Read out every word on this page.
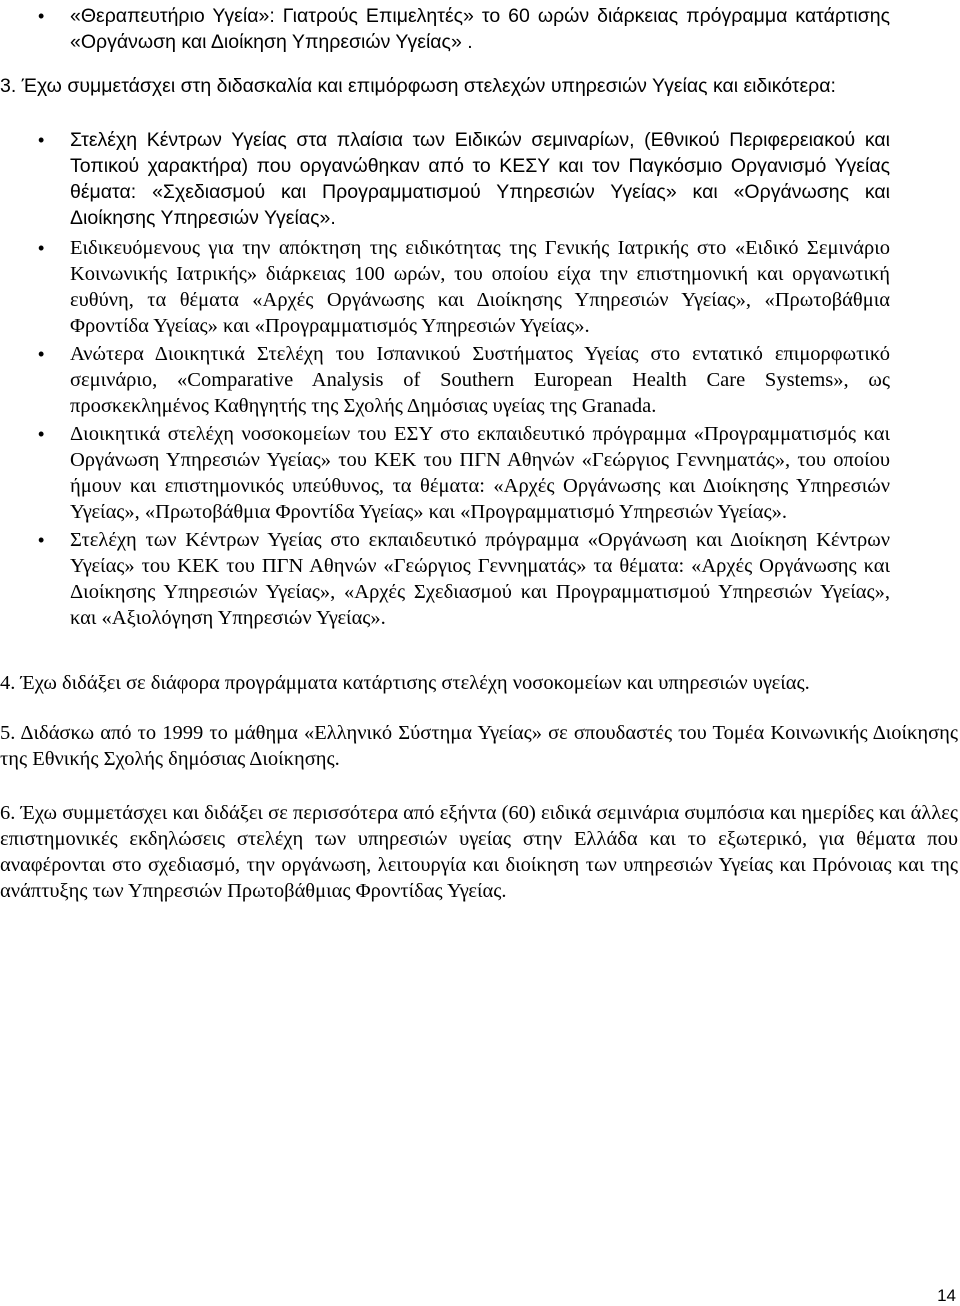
• «Θεραπευτήριο Υγεία»: Γιατρούς Επιμελητές» το 60 ωρών διάρκειας πρόγραμμα κατάρτισης «Οργάνωση και Διοίκηση Υπηρεσιών Υγείας» .
3. Έχω συμμετάσχει στη διδασκαλία και επιμόρφωση στελεχών υπηρεσιών Υγείας και ειδικότερα:
• Στελέχη Κέντρων Υγείας στα πλαίσια των Ειδικών σεμιναρίων, (Εθνικού Περιφερειακού και Τοπικού χαρακτήρα) που οργανώθηκαν από το ΚΕΣΥ και τον Παγκόσμιο Οργανισμό Υγείας θέματα: «Σχεδιασμού και Προγραμματισμού Υπηρεσιών Υγείας» και «Οργάνωσης και Διοίκησης Υπηρεσιών Υγείας».
• Ειδικευόμενους για την απόκτηση της ειδικότητας της Γενικής Ιατρικής στο «Ειδικό Σεμινάριο Κοινωνικής Ιατρικής» διάρκειας 100 ωρών, του οποίου είχα την επιστημονική και οργανωτική ευθύνη, τα θέματα «Αρχές Οργάνωσης και Διοίκησης Υπηρεσιών Υγείας», «Πρωτοβάθμια Φροντίδα Υγείας» και «Προγραμματισμός Υπηρεσιών Υγείας».
• Ανώτερα Διοικητικά Στελέχη του Ισπανικού Συστήματος Υγείας στο εντατικό επιμορφωτικό σεμινάριο, «Comparative Analysis of Southern European Health Care Systems», ως προσκεκλημένος Καθηγητής της Σχολής Δημόσιας υγείας της Granada.
• Διοικητικά στελέχη νοσοκομείων του ΕΣΥ στο εκπαιδευτικό πρόγραμμα «Προγραμματισμός και Οργάνωση Υπηρεσιών Υγείας» του ΚΕΚ του ΠΓΝ Αθηνών «Γεώργιος Γεννηματάς», του οποίου ήμουν και επιστημονικός υπεύθυνος, τα θέματα: «Αρχές Οργάνωσης και Διοίκησης Υπηρεσιών Υγείας», «Πρωτοβάθμια Φροντίδα Υγείας» και «Προγραμματισμό Υπηρεσιών Υγείας».
• Στελέχη των Κέντρων Υγείας στο εκπαιδευτικό πρόγραμμα «Οργάνωση και Διοίκηση Κέντρων Υγείας» του ΚΕΚ του ΠΓΝ Αθηνών «Γεώργιος Γεννηματάς» τα θέματα: «Αρχές Οργάνωσης και Διοίκησης Υπηρεσιών Υγείας», «Αρχές Σχεδιασμού και Προγραμματισμού Υπηρεσιών Υγείας», και «Αξιολόγηση Υπηρεσιών Υγείας».

4. Έχω διδάξει σε διάφορα προγράμματα κατάρτισης στελέχη νοσοκομείων και υπηρεσιών υγείας.

5. Διδάσκω από το 1999 το μάθημα «Ελληνικό Σύστημα Υγείας» σε σπουδαστές του Τομέα Κοινωνικής Διοίκησης της Εθνικής Σχολής δημόσιας Διοίκησης.

6. Έχω συμμετάσχει και διδάξει σε περισσότερα από εξήντα (60) ειδικά σεμινάρια συμπόσια και ημερίδες και άλλες επιστημονικές εκδηλώσεις στελέχη των υπηρεσιών υγείας στην Ελλάδα και το εξωτερικό, για θέματα που αναφέρονται στο σχεδιασμό, την οργάνωση, λειτουργία και διοίκηση των υπηρεσιών Υγείας και Πρόνοιας και της ανάπτυξης των Υπηρεσιών Πρωτοβάθμιας Φροντίδας Υγείας.

14
